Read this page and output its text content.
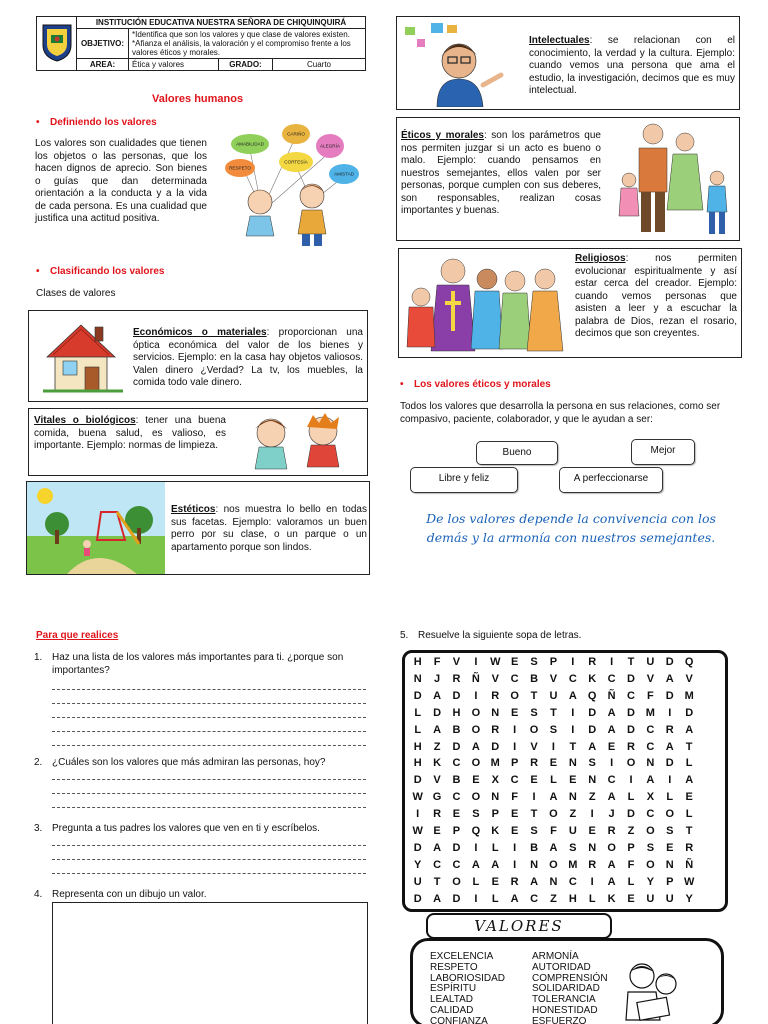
	INSTITUCIÓN EDUCATIVA NUESTRA SEÑORA DE CHIQUINQUIRÁ			
	OBJETIVO:	*Identifica que son los valores y que clase de valores existen.
*Afianza el análisis, la valoración y el compromiso frente a los valores éticos y morales.		

	AREA:	Ética y valores	GRADO:	Cuarto
Valores humanos
• Definiendo los valores
Los valores son cualidades que tienen los objetos o las personas, que los hacen dignos de aprecio. Son bienes o guías que dan determinada orientación a la conducta y a la vida de cada persona. Es una cualidad que justifica una actitud positiva.
CARIÑO
AMABILIDAD	ALEGRÍA
CORTESÍA
AMISTAD
RESPETO
• Clasificando los valores
Clases de valores
Económicos o materiales: proporcionan una óptica económica del valor de los bienes y servicios. Ejemplo: en la casa hay objetos valiosos. Valen dinero ¿Verdad? La tv, los muebles, la comida todo vale dinero.
Vitales o biológicos: tener una buena comida, buena salud, es valioso, es importante. Ejemplo: normas de limpieza.
Estéticos: nos muestra lo bello en todas sus facetas. Ejemplo: valoramos un buen perro por su clase, o un parque o un apartamento porque son lindos.
Intelectuales: se relacionan con el conocimiento, la verdad y la cultura. Ejemplo: cuando vemos una persona que ama el estudio, la investigación, decimos que es muy intelectual.
Éticos y morales: son los parámetros que nos permiten juzgar si un acto es bueno o malo. Ejemplo: cuando pensamos en nuestros semejantes, ellos valen por ser personas, porque cumplen con sus deberes, son responsables, realizan cosas importantes y buenas.
Religiosos: nos permiten evolucionar espiritualmente y así estar cerca del creador. Ejemplo: cuando vemos personas que asisten a leer y a escuchar la palabra de Dios, rezan el rosario, decimos que son creyentes.
• Los valores éticos y morales
Todos los valores que desarrolla la persona en sus relaciones, como ser compasivo, paciente, colaborador, y que le ayudan a ser:
Bueno	Mejor
Libre y feliz	A perfeccionarse
De los valores depende la convivencia con los demás y la armonía con nuestros semejantes.
Para que realices
1. Haz una lista de los valores más importantes para ti. ¿porque son importantes?
2. ¿Cuáles son los valores que más admiran las personas, hoy?
3. Pregunta a tus padres los valores que ven en ti y escríbelos.
4. Representa con un dibujo un valor.
5. Resuelve la siguiente sopa de letras.
H F V I W E S P I R I T U D Q
N J R Ñ V C B V C K C D V A V
D A D I R O T U A Q Ñ C F D M
L D H O N E S T I D A D M I D
L A B O R I O S I D A D C R A
H Z D A D I V I T A E R C A T
H K C O M P R E N S I O N D L
D V B E X C E L E N C I A I A
W G C O N F I A N Z A L X L E
I R E S P E T O Z I J D C O L
W E P Q K E S F U E R Z O S T
D A D I L I B A S N O P S E R
Y C C A A I N O M R A F O N Ñ
U T O L E R A N C I A L Y P W
D A D I L A C Z H L K E U U Y
VALORES
EXCELENCIA
RESPETO
LABORIOSIDAD
ESPÍRITU
LEALTAD
CALIDAD
CONFIANZA
ARMONÍA
AUTORIDAD
COMPRENSIÓN
SOLIDARIDAD
TOLERANCIA
HONESTIDAD
ESFUERZO
